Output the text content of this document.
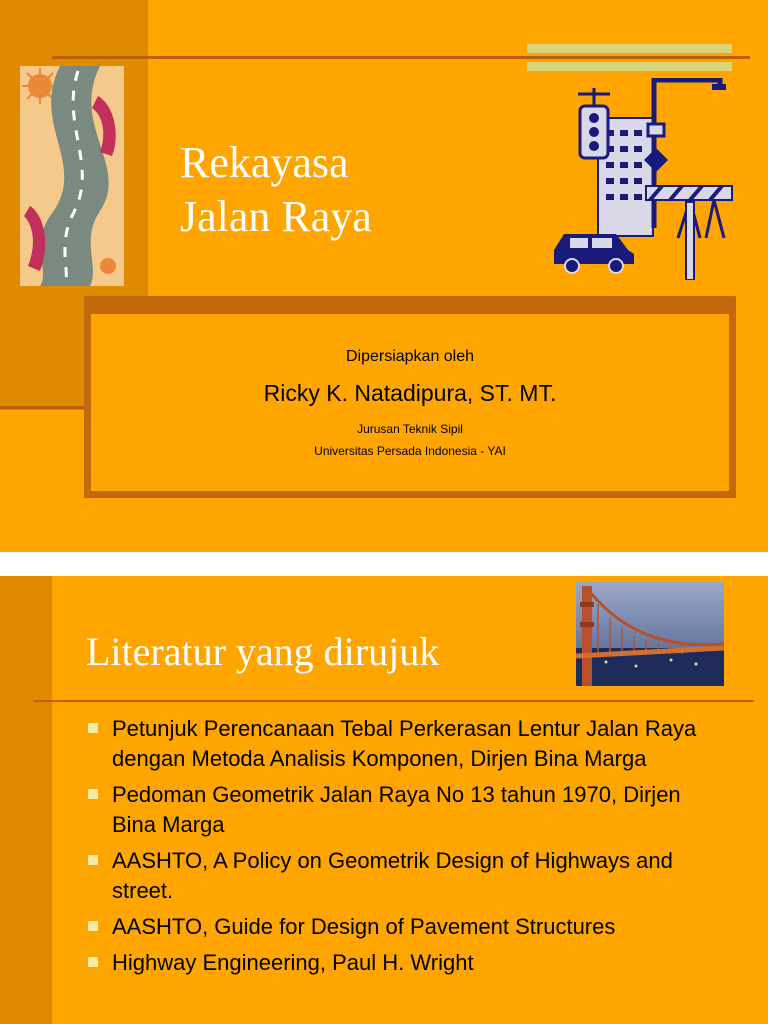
Rekayasa
Jalan Raya
Dipersiapkan oleh
Ricky K. Natadipura, ST. MT.
Jurusan Teknik Sipil
Universitas Persada Indonesia - YAI
Literatur yang dirujuk
Petunjuk Perencanaan Tebal Perkerasan Lentur Jalan Raya dengan Metoda Analisis Komponen, Dirjen Bina Marga
Pedoman Geometrik Jalan Raya No 13 tahun 1970, Dirjen Bina Marga
AASHTO, A Policy on Geometrik Design of Highways and street.
AASHTO, Guide for Design of Pavement Structures
Highway Engineering, Paul H. Wright
